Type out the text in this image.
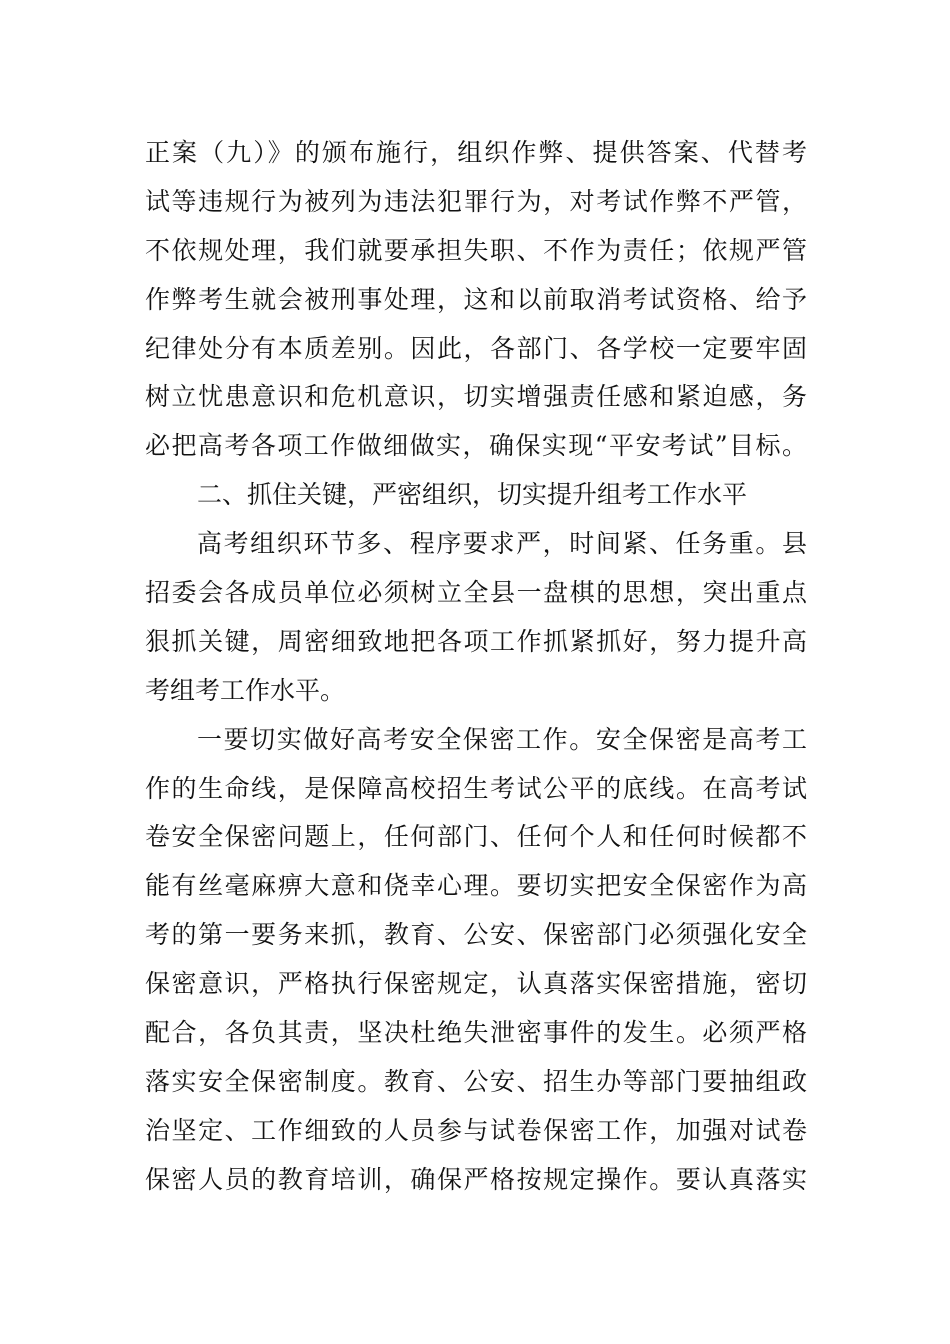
正案（九）》的颁布施行，组织作弊、提供答案、代替考
试等违规行为被列为违法犯罪行为，对考试作弊不严管，
不依规处理，我们就要承担失职、不作为责任；依规严管
作弊考生就会被刑事处理，这和以前取消考试资格、给予
纪律处分有本质差别。因此，各部门、各学校一定要牢固
树立忧患意识和危机意识，切实增强责任感和紧迫感，务
必把高考各项工作做细做实，确保实现“平安考试”目标。
二、抓住关键，严密组织，切实提升组考工作水平
高考组织环节多、程序要求严，时间紧、任务重。县
招委会各成员单位必须树立全县一盘棋的思想，突出重点
狠抓关键，周密细致地把各项工作抓紧抓好，努力提升高
考组考工作水平。
一要切实做好高考安全保密工作。安全保密是高考工
作的生命线，是保障高校招生考试公平的底线。在高考试
卷安全保密问题上，任何部门、任何个人和任何时候都不
能有丝毫麻痹大意和侥幸心理。要切实把安全保密作为高
考的第一要务来抓，教育、公安、保密部门必须强化安全
保密意识，严格执行保密规定，认真落实保密措施，密切
配合，各负其责，坚决杜绝失泄密事件的发生。必须严格
落实安全保密制度。教育、公安、招生办等部门要抽组政
治坚定、工作细致的人员参与试卷保密工作，加强对试卷
保密人员的教育培训，确保严格按规定操作。要认真落实
